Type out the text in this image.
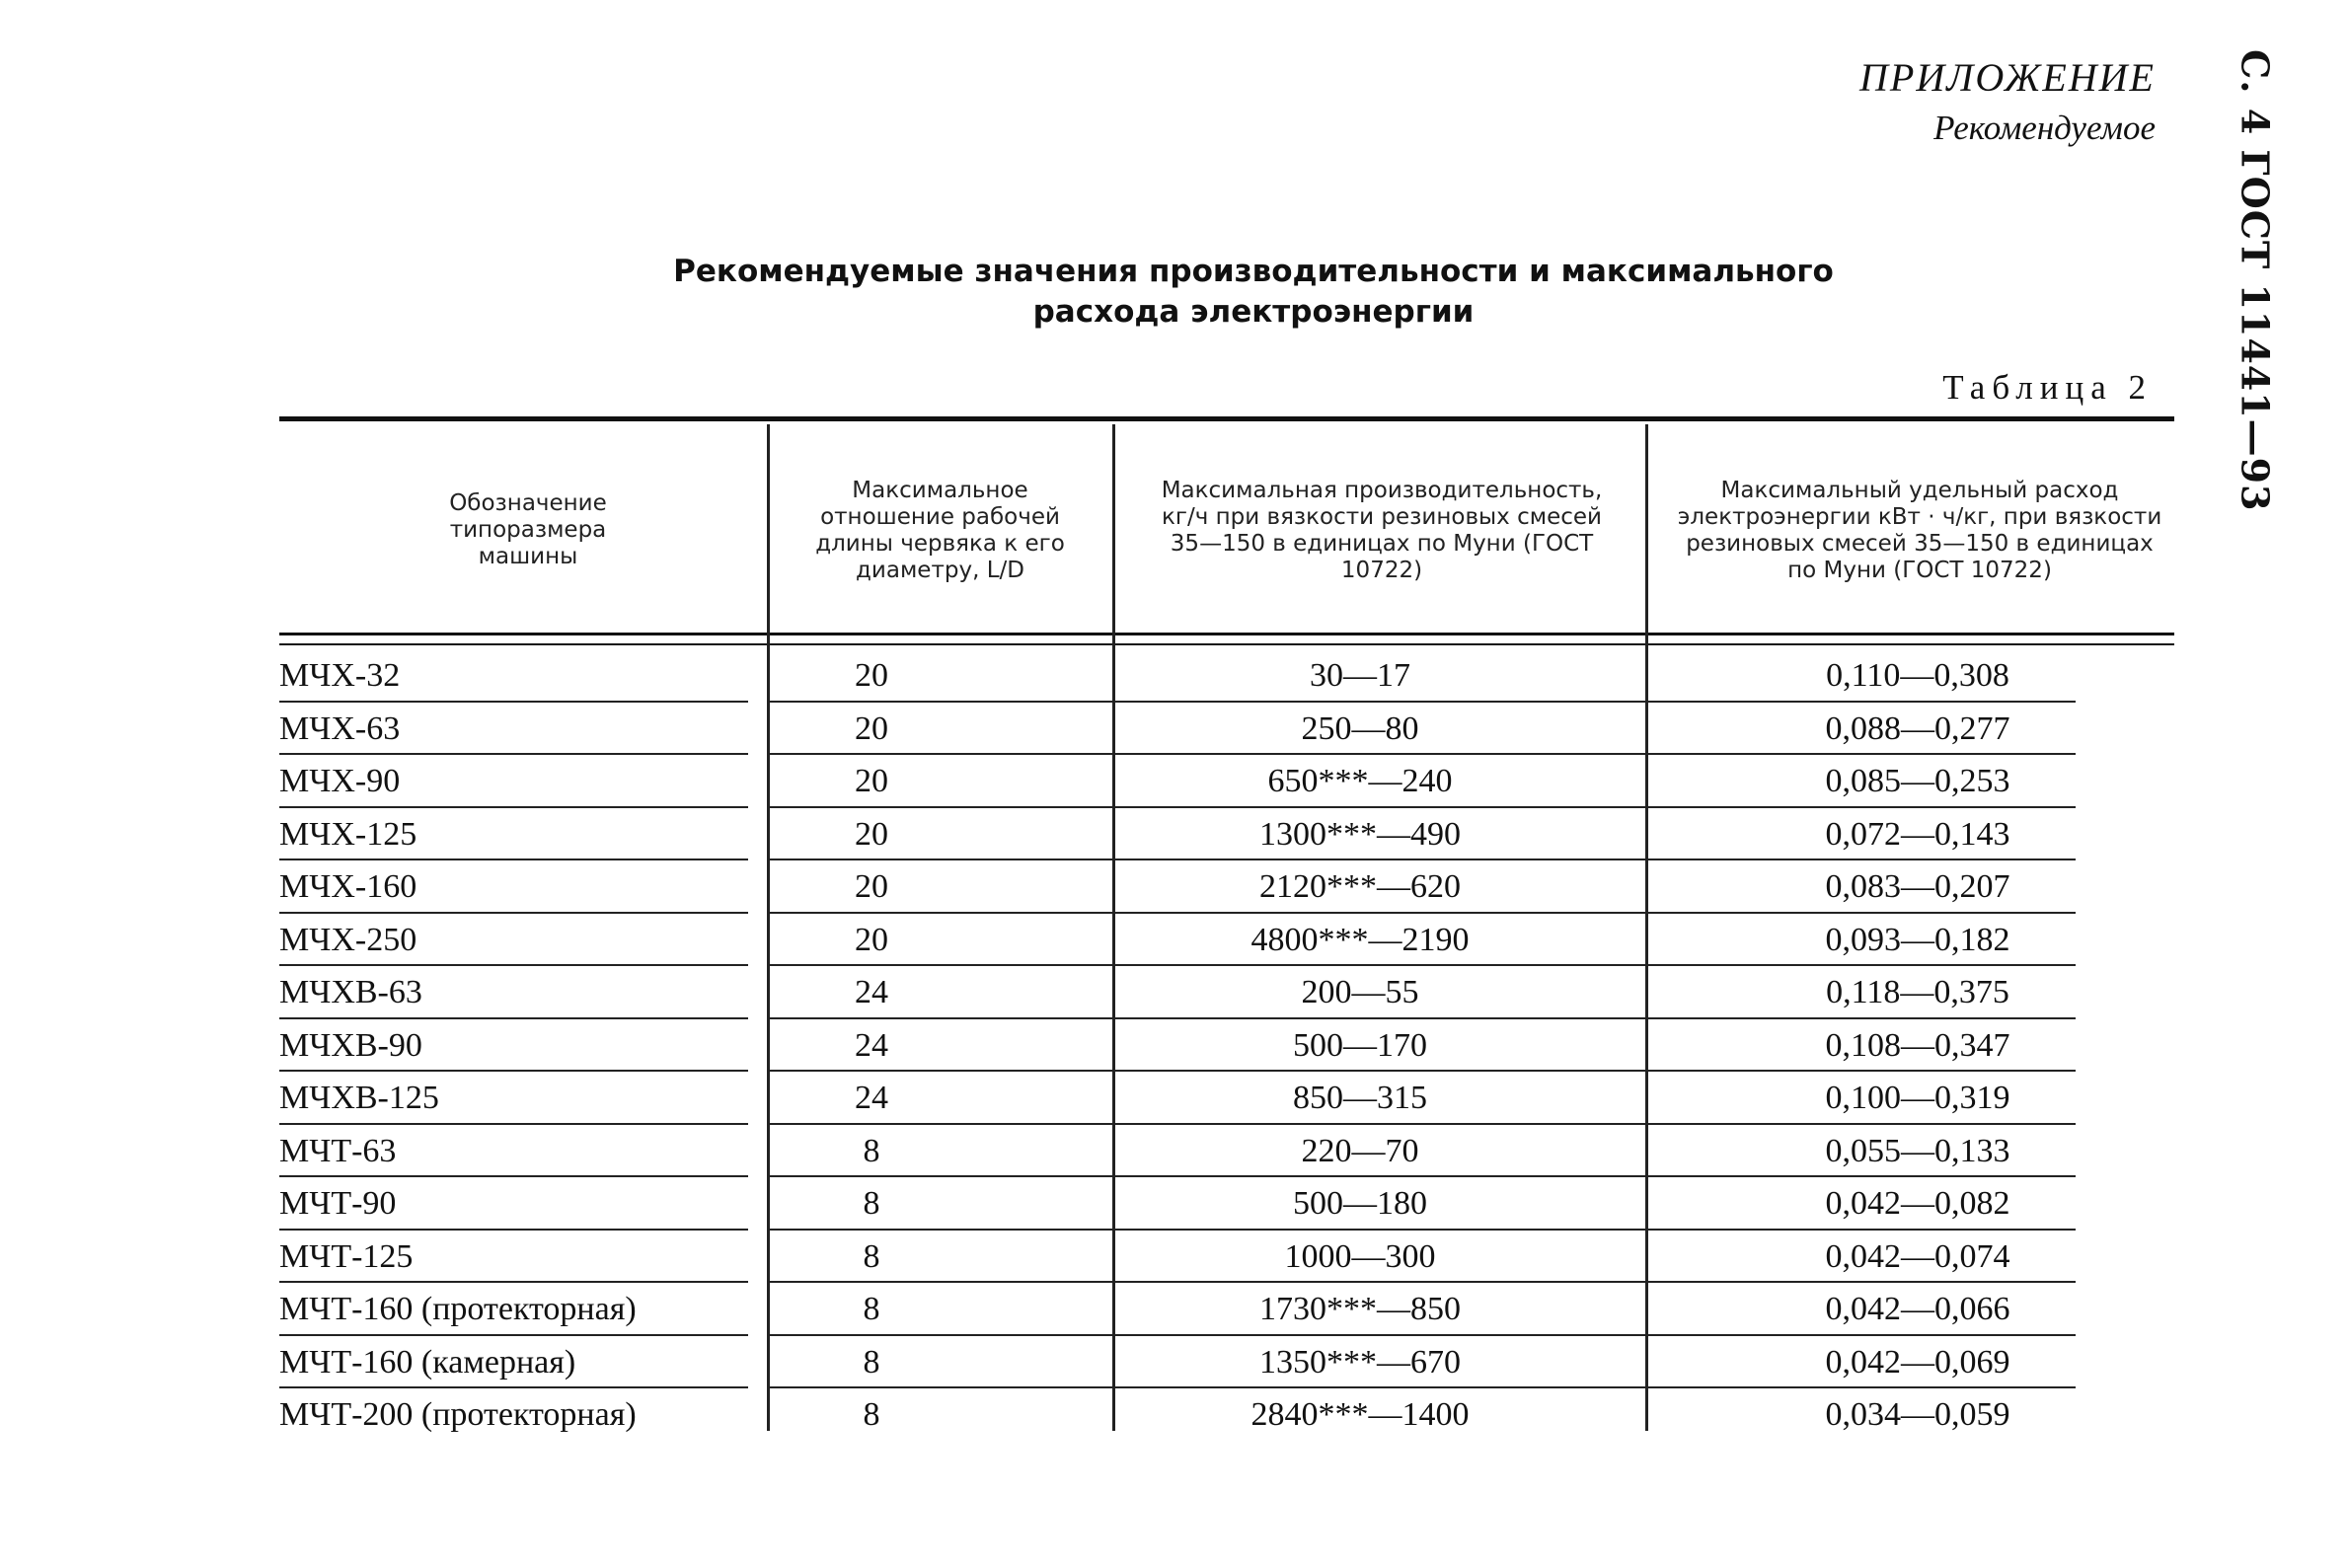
С. 4 ГОСТ 11441—93
ПРИЛОЖЕНИЕ
Рекомендуемое
Рекомендуемые значения производительности и максимального
расхода электроэнергии
Таблица 2
Обозначение типоразмера машины
Максимальное отношение рабочей длины червяка к его диаметру, L/D
Максимальная производительность, кг/ч при вязкости резиновых смесей 35—150 в единицах по Муни (ГОСТ 10722)
Максимальный удельный расход электроэнергии кВт · ч/кг, при вязкости резиновых смесей 35—150 в единицах по Муни (ГОСТ 10722)
МЧХ-32	20	30—17	0,110—0,308
МЧХ-63	20	250—80	0,088—0,277
МЧХ-90	20	650***—240	0,085—0,253
МЧХ-125	20	1300***—490	0,072—0,143
МЧХ-160	20	2120***—620	0,083—0,207
МЧХ-250	20	4800***—2190	0,093—0,182
МЧХВ-63	24	200—55	0,118—0,375
МЧХВ-90	24	500—170	0,108—0,347
МЧХВ-125	24	850—315	0,100—0,319
МЧТ-63	8	220—70	0,055—0,133
МЧТ-90	8	500—180	0,042—0,082
МЧТ-125	8	1000—300	0,042—0,074
МЧТ-160 (протекторная)	8	1730***—850	0,042—0,066
МЧТ-160 (камерная)	8	1350***—670	0,042—0,069
МЧТ-200 (протекторная)	8	2840***—1400	0,034—0,059
